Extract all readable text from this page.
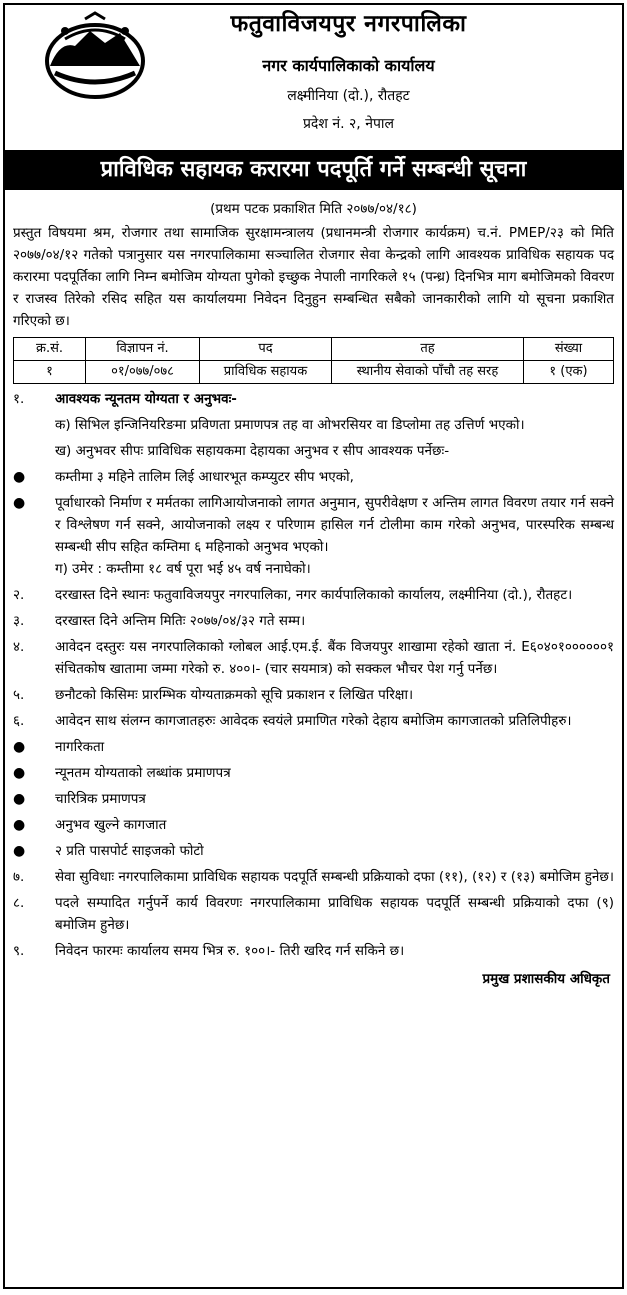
फतुवाविजयपुर नगरपालिका
नगर कार्यपालिकाको कार्यालय
लक्ष्मीनिया (दो.), रौतहट
प्रदेश नं. २, नेपाल
प्राविधिक सहायक करारमा पदपूर्ति गर्ने सम्बन्धी सूचना
(प्रथम पटक प्रकाशित मिति २०७७/०४/१८)
प्रस्तुत विषयमा श्रम, रोजगार तथा सामाजिक सुरक्षामन्त्रालय (प्रधानमन्त्री रोजगार कार्यक्रम) च.नं. PMEP/२३ को मिति २०७७/०४/१२ गतेको पत्रानुसार यस नगरपालिकामा सञ्चालित रोजगार सेवा केन्द्रको लागि आवश्यक प्राविधिक सहायक पद करारमा पदपूर्तिका लागि निम्न बमोजिम योग्यता पुगेको इच्छुक नेपाली नागरिकले १५ (पन्ध्र) दिनभित्र माग बमोजिमको विवरण र राजस्व तिरेको रसिद सहित यस कार्यालयमा निवेदन दिनुहुन सम्बन्धित सबैको जानकारीको लागि यो सूचना प्रकाशित गरिएको छ।
क्र.सं.	विज्ञापन नं.	पद	तह	संख्या
१	०१/०७७/०७८	प्राविधिक सहायक	स्थानीय सेवाको पाँचौ तह सरह	१ (एक)
१.	आवश्यक न्यूनतम योग्यता र अनुभवः-
क) सिभिल इन्जिनियरिङमा प्रविणता प्रमाणपत्र तह वा ओभरसियर वा डिप्लोमा तह उत्तिर्ण भएको।
ख) अनुभवर सीपः प्राविधिक सहायकमा देहायका अनुभव र सीप आवश्यक पर्नेछः-
●	कम्तीमा ३ महिने तालिम लिई आधारभूत कम्प्युटर सीप भएको,
●	पूर्वाधारको निर्माण र मर्मतका लागिआयोजनाको लागत अनुमान, सुपरीवेक्षण र अन्तिम लागत विवरण तयार गर्न सक्ने र विश्लेषण गर्न सक्ने, आयोजनाको लक्ष्य र परिणाम हासिल गर्न टोलीमा काम गरेको अनुभव, पारस्परिक सम्बन्ध सम्बन्धी सीप सहित कम्तिमा ६ महिनाको अनुभव भएको।
ग) उमेर : कम्तीमा १८ वर्ष पूरा भई ४५ वर्ष ननाघेको।
२.	दरखास्त दिने स्थानः फतुवाविजयपुर नगरपालिका, नगर कार्यपालिकाको कार्यालय, लक्ष्मीनिया (दो.), रौतहट।
३.	दरखास्त दिने अन्तिम मितिः २०७७/०४/३२ गते सम्म।
४.	आवेदन दस्तुरः यस नगरपालिकाको ग्लोबल आई.एम.ई. बैंक विजयपुर शाखामा रहेको खाता नं. E६०४०१००००००१ संचितकोष खातामा जम्मा गरेको रु. ४००।- (चार सयमात्र) को सक्कल भौचर पेश गर्नु पर्नेछ।
५.	छनौटको किसिमः प्रारम्भिक योग्यताक्रमको सूचि प्रकाशन र लिखित परिक्षा।
६.	आवेदन साथ संलग्न कागजातहरुः आवेदक स्वयंले प्रमाणित गरेको देहाय बमोजिम कागजातको प्रतिलिपीहरु।
●	नागरिकता
●	न्यूनतम योग्यताको लब्धांक प्रमाणपत्र
●	चारित्रिक प्रमाणपत्र
●	अनुभव खुल्ने कागजात
●	२ प्रति पासपोर्ट साइजको फोटो
७.	सेवा सुविधाः नगरपालिकामा प्राविधिक सहायक पदपूर्ति सम्बन्धी प्रक्रियाको दफा (११), (१२) र (१३) बमोजिम हुनेछ।
८.	पदले सम्पादित गर्नुपर्ने कार्य विवरणः नगरपालिकामा प्राविधिक सहायक पदपूर्ति सम्बन्धी प्रक्रियाको दफा (९) बमोजिम हुनेछ।
९.	निवेदन फारमः कार्यालय समय भित्र रु. १००।- तिरी खरिद गर्न सकिने छ।
प्रमुख प्रशासकीय अधिकृत
